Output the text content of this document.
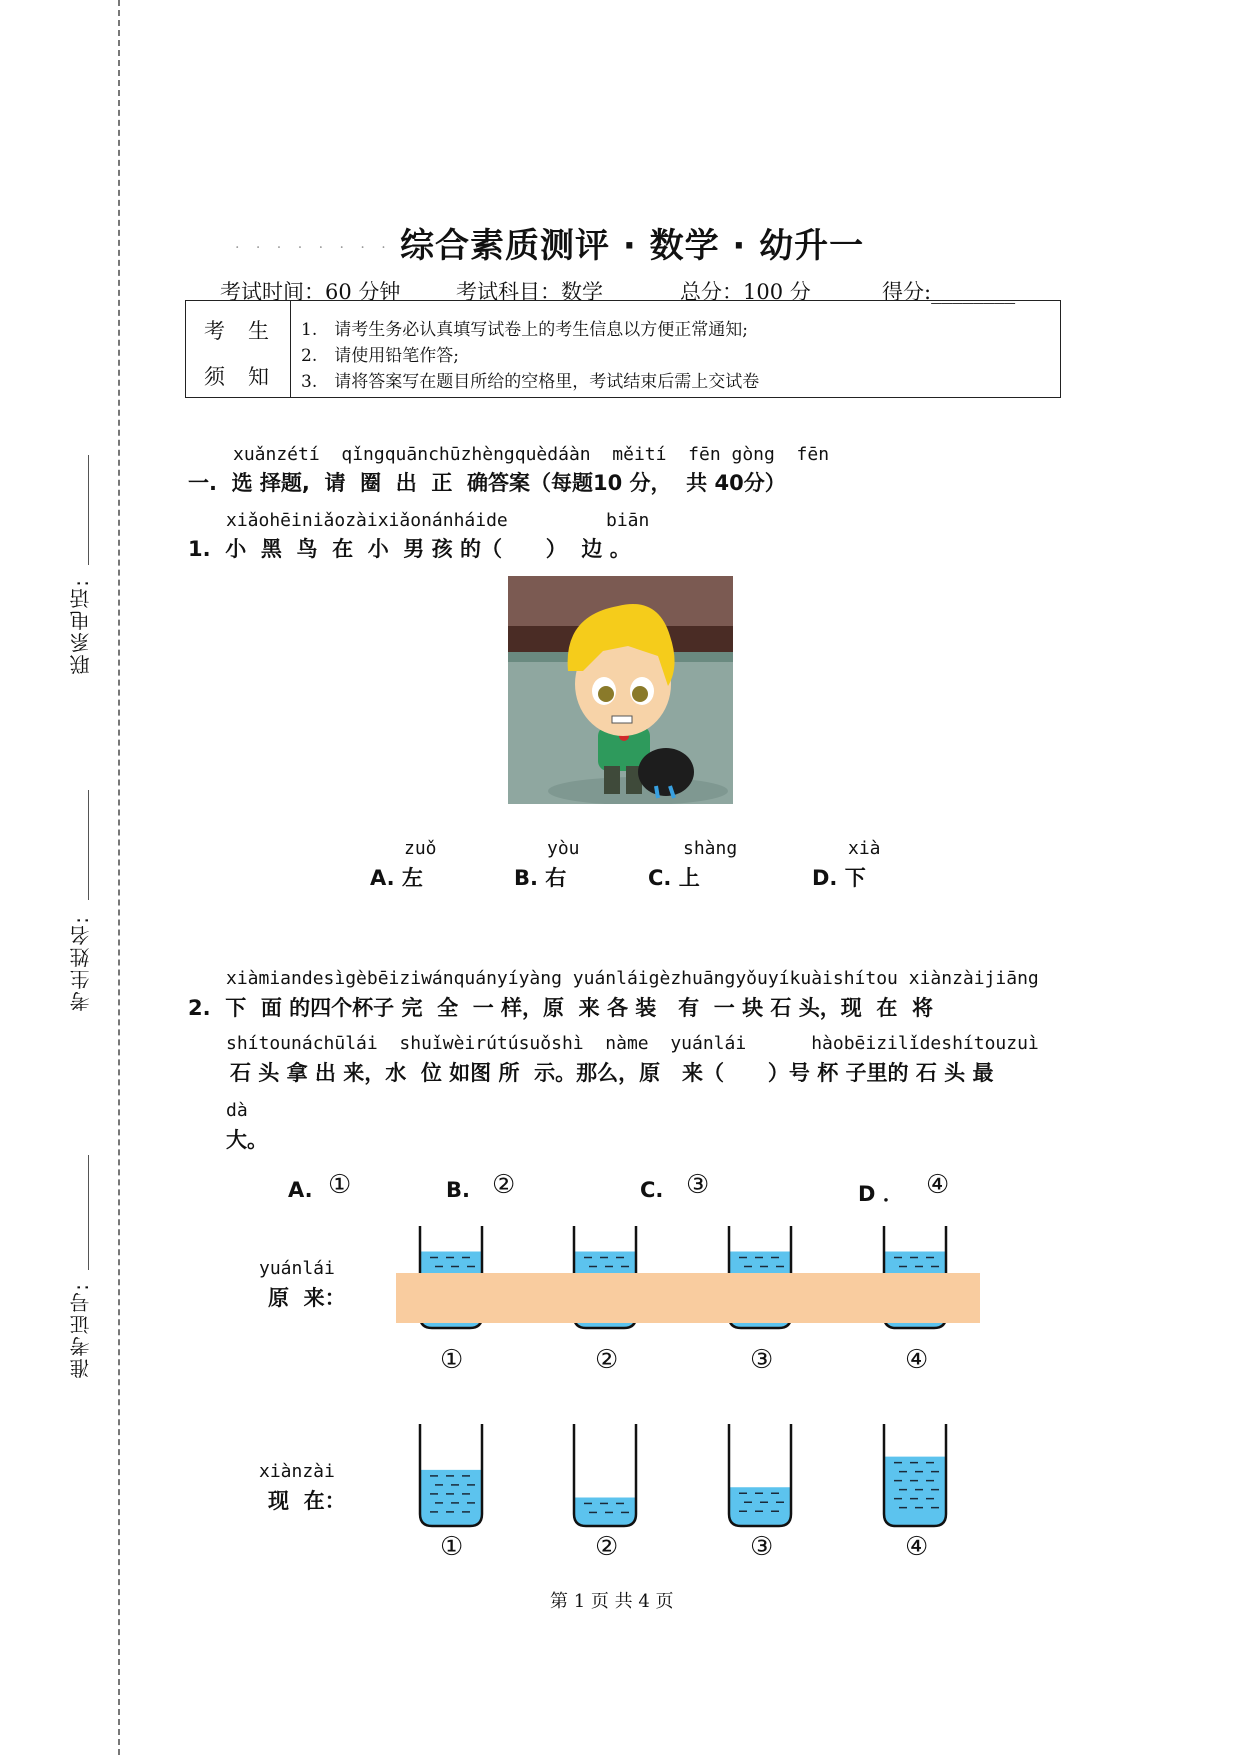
联系电话:
考生姓名:
准考证号:
. . . . . . . . . .
综合素质测评 · 数学 · 幼升一
考试时间：60 分钟	考试科目：数学	总分：100 分	得分:________
考 生
须 知
1.　请考生务必认真填写试卷上的考生信息以方便正常通知;
2.　请使用铅笔作答;
3.　请将答案写在题目所给的空格里，考试结束后需上交试卷
xuǎnzétí  qǐngquānchūzhèngquèdáàn  měití  fēn gòng  fēn
一.  选 择题,  请  圈  出  正  确答案（每题10 分，  共 40分）
xiǎohēiniǎozàixiǎonánháide	biān
1.  小  黑  鸟  在  小  男 孩 的（      ）  边 。
zuǒ
A. 左
yòu
B. 右
shàng
C. 上
xià
D. 下
xiàmiandesìgèbēiziwánquányíyàng yuánláigèzhuāngyǒuyíkuàishítou xiànzàijiāng
2.  下  面 的四个杯子 完  全  一 样，原  来 各 装   有  一 块 石 头，现  在  将
shítounáchūlái  shuǐwèirútúsuǒshì  nàme  yuánlái      hàobēizilǐdeshítouzuì
石 头 拿 出 来，水  位 如图 所  示。那么，原   来（      ）号 杯 子里的 石 头 最
dà
大。
A. ①	B. ②	C. ③	D ． ④
yuánlái
原  来：
①	②	③	④
xiànzài
现  在：
①	②	③	④
第 1 页 共 4 页
